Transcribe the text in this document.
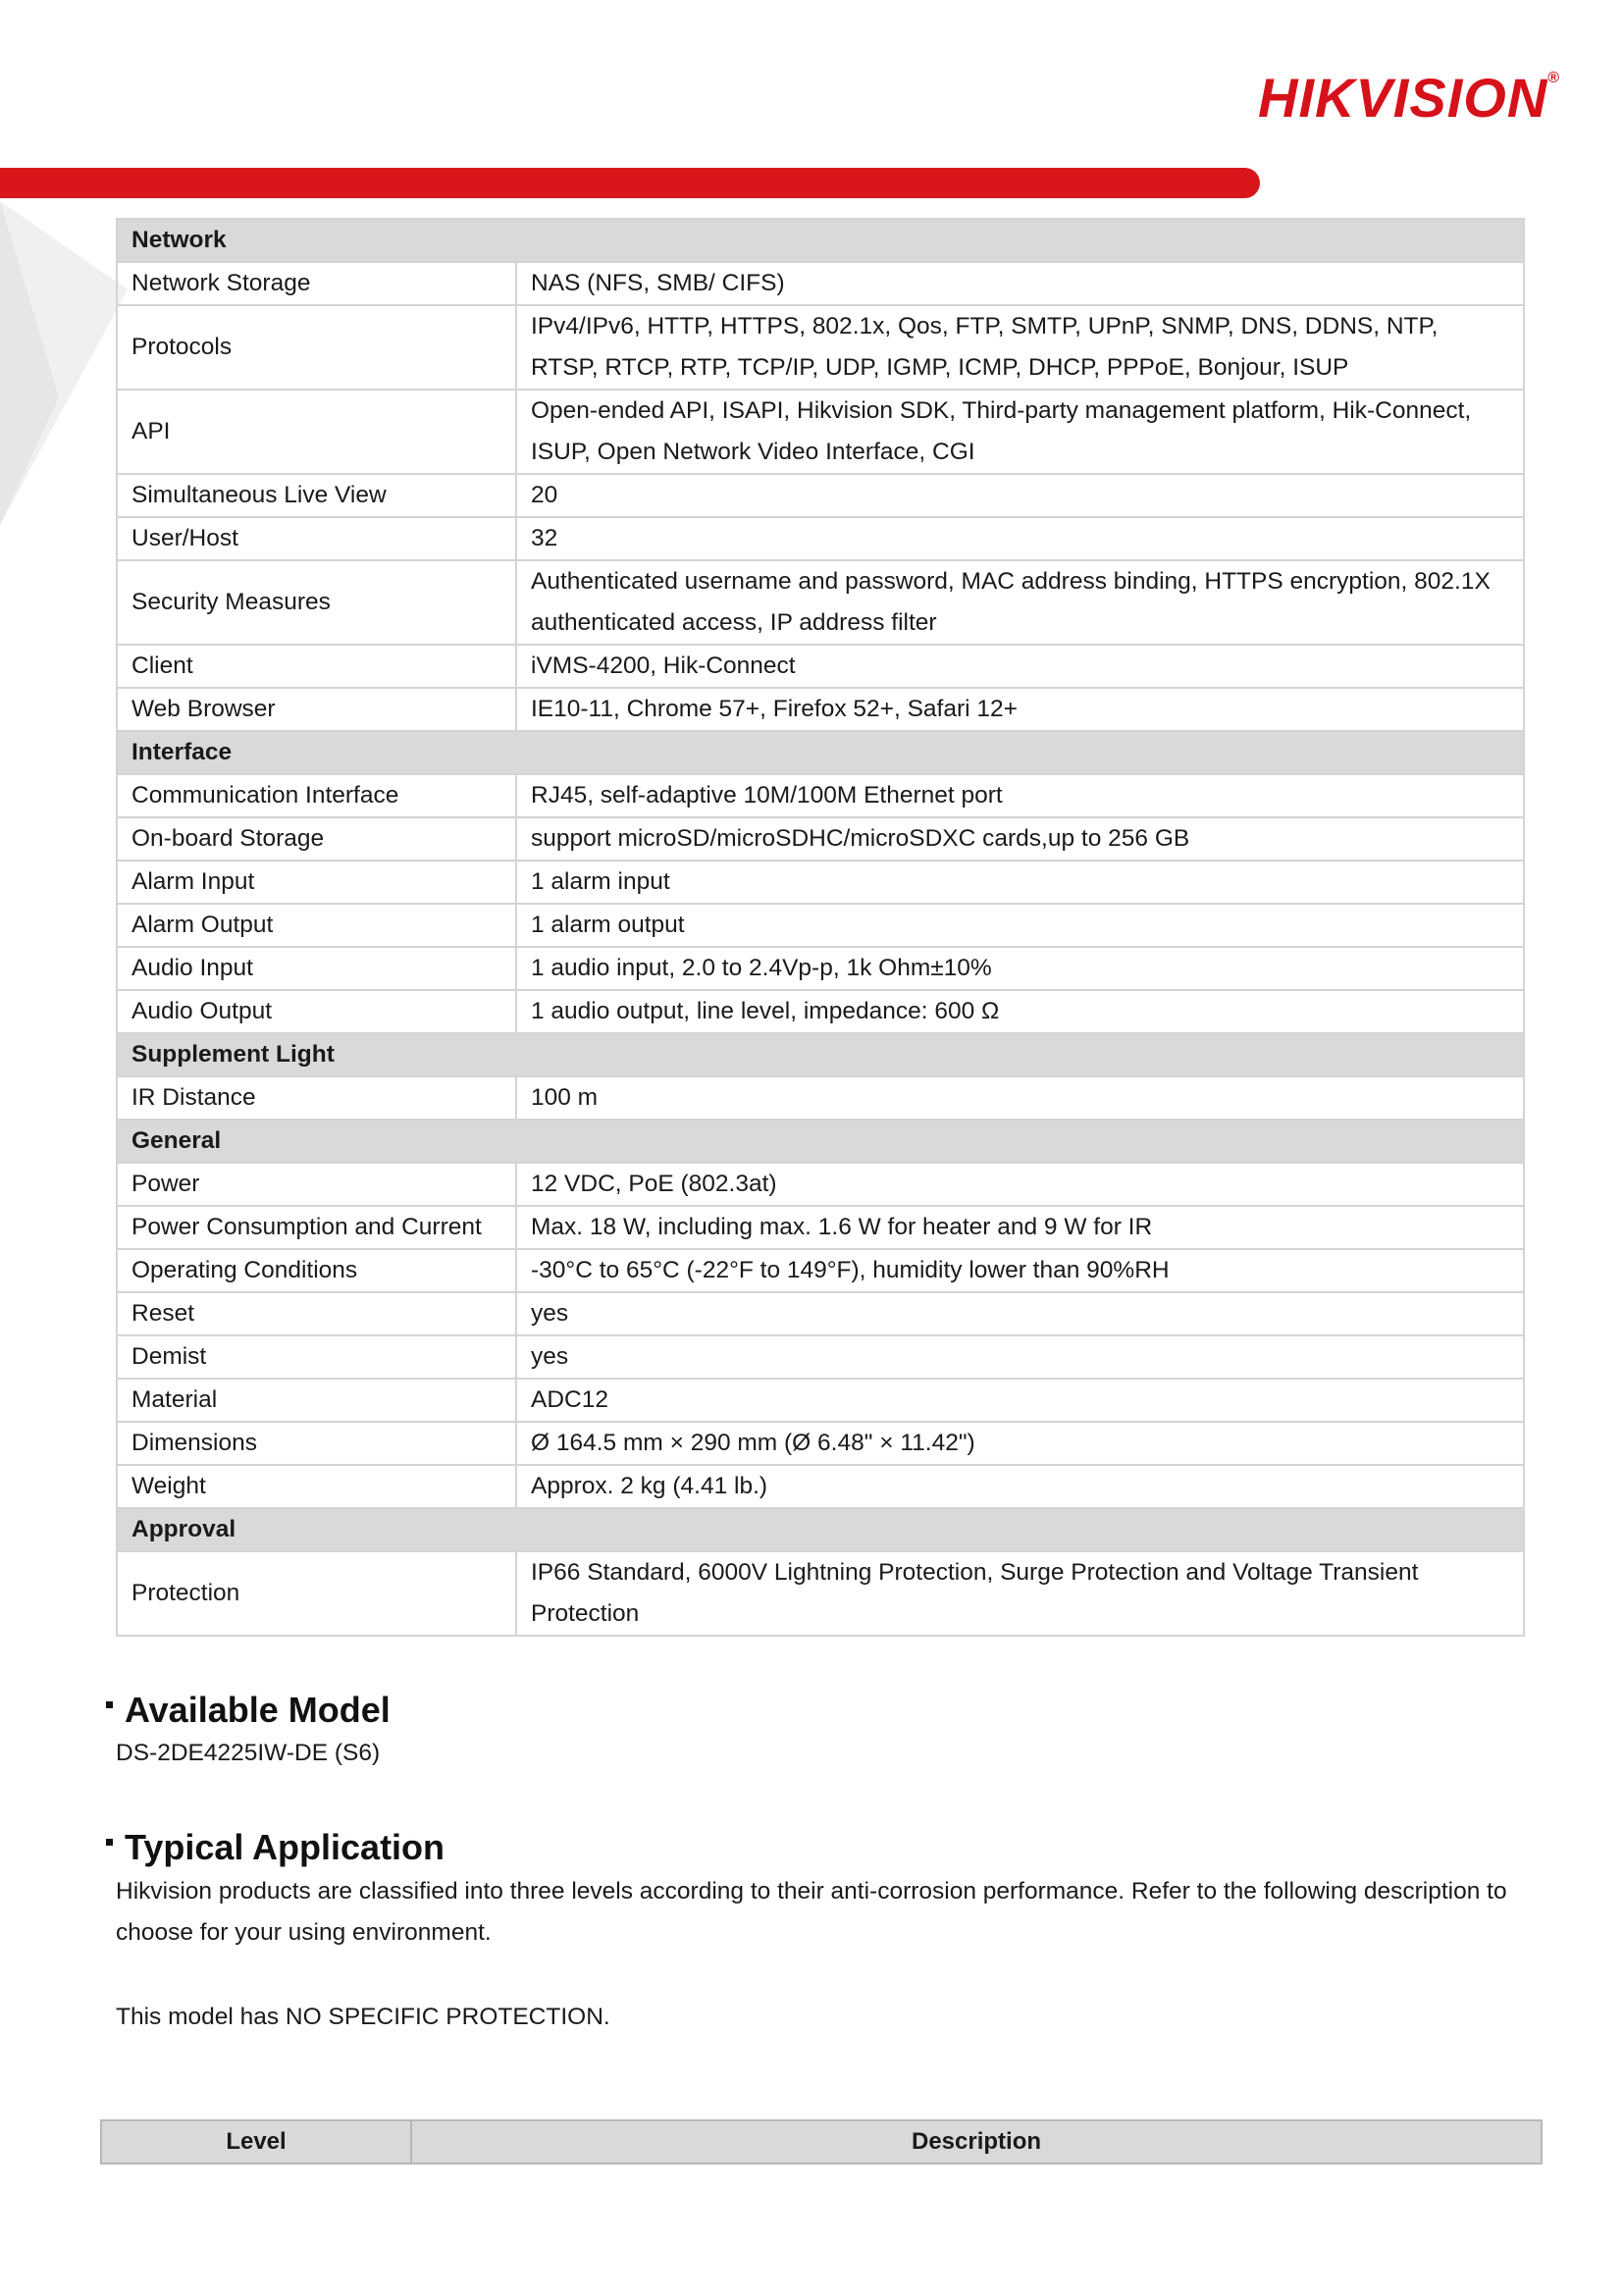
HIKVISION®
Network	
Network Storage	NAS (NFS, SMB/ CIFS)
Protocols	IPv4/IPv6, HTTP, HTTPS, 802.1x, Qos, FTP, SMTP, UPnP, SNMP, DNS, DDNS, NTP, RTSP, RTCP, RTP, TCP/IP, UDP, IGMP, ICMP, DHCP, PPPoE, Bonjour, ISUP
API	Open-ended API, ISAPI, Hikvision SDK, Third-party management platform, Hik-Connect, ISUP, Open Network Video Interface, CGI
Simultaneous Live View	20
User/Host	32
Security Measures	Authenticated username and password, MAC address binding, HTTPS encryption, 802.1X authenticated access, IP address filter
Client	iVMS-4200, Hik-Connect
Web Browser	IE10-11, Chrome 57+, Firefox 52+, Safari 12+
Interface	
Communication Interface	RJ45, self-adaptive 10M/100M Ethernet port
On-board Storage	support microSD/microSDHC/microSDXC cards,up to 256 GB
Alarm Input	1 alarm input
Alarm Output	1 alarm output
Audio Input	1 audio input, 2.0 to 2.4Vp-p, 1k Ohm±10%
Audio Output	1 audio output, line level, impedance: 600 Ω
Supplement Light	
IR Distance	100 m
General	
Power	12 VDC, PoE (802.3at)
Power Consumption and Current	Max. 18 W, including max. 1.6 W for heater and 9 W for IR
Operating Conditions	-30°C to 65°C (-22°F to 149°F), humidity lower than 90%RH
Reset	yes
Demist	yes
Material	ADC12
Dimensions	Ø 164.5 mm × 290 mm (Ø 6.48" × 11.42")
Weight	Approx. 2 kg (4.41 lb.)
Approval	
Protection	IP66 Standard, 6000V Lightning Protection, Surge Protection and Voltage Transient Protection
Available Model
DS-2DE4225IW-DE (S6)
Typical Application
Hikvision products are classified into three levels according to their anti-corrosion performance. Refer to the following description to choose for your using environment.
This model has NO SPECIFIC PROTECTION.
Level	Description
